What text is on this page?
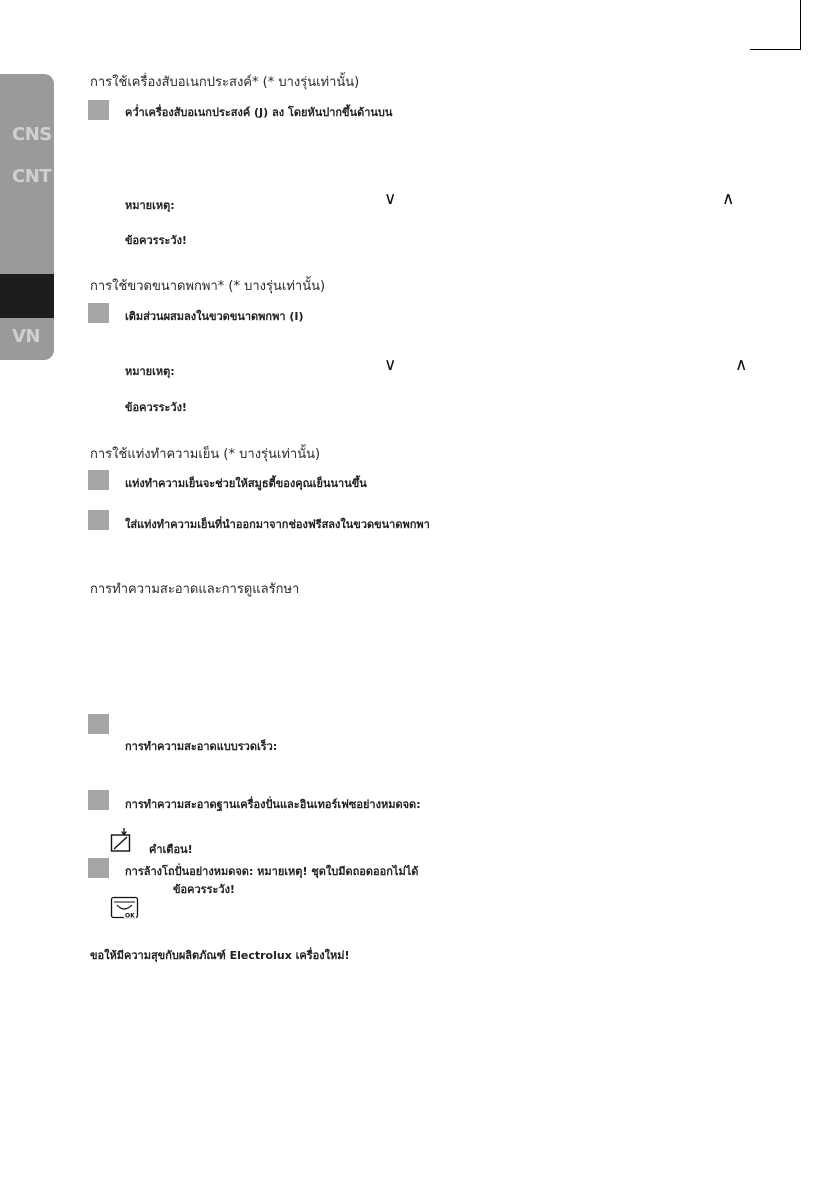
CNS
CNT
VN
การใช้เครื่องสับอเนกประสงค์* (* บางรุ่นเท่านั้น)
คว่ำเครื่องสับอเนกประสงค์ (J) ลง โดยหันปากขึ้นด้านบน
หมายเหตุ:	∨	∧
ข้อควรระวัง!
การใช้ขวดขนาดพกพา* (* บางรุ่นเท่านั้น)
เติมส่วนผสมลงในขวดขนาดพกพา (I)
หมายเหตุ:	∨	∧
ข้อควรระวัง!
การใช้แท่งทำความเย็น (* บางรุ่นเท่านั้น)
แท่งทำความเย็นจะช่วยให้สมูธตี้ของคุณเย็นนานขึ้น
ใส่แท่งทำความเย็นที่นำออกมาจากช่องฟรีสลงในขวดขนาดพกพา
การทำความสะอาดและการดูแลรักษา
การทำความสะอาดแบบรวดเร็ว:
การทำความสะอาดฐานเครื่องปั่นและอินเทอร์เฟซอย่างหมดจด:
คำเตือน!
การล้างโถปั่นอย่างหมดจด: หมายเหตุ! ชุดใบมีดถอดออกไม่ได้
ข้อควรระวัง!
OK
ขอให้มีความสุขกับผลิตภัณฑ์ Electrolux เครื่องใหม่!
